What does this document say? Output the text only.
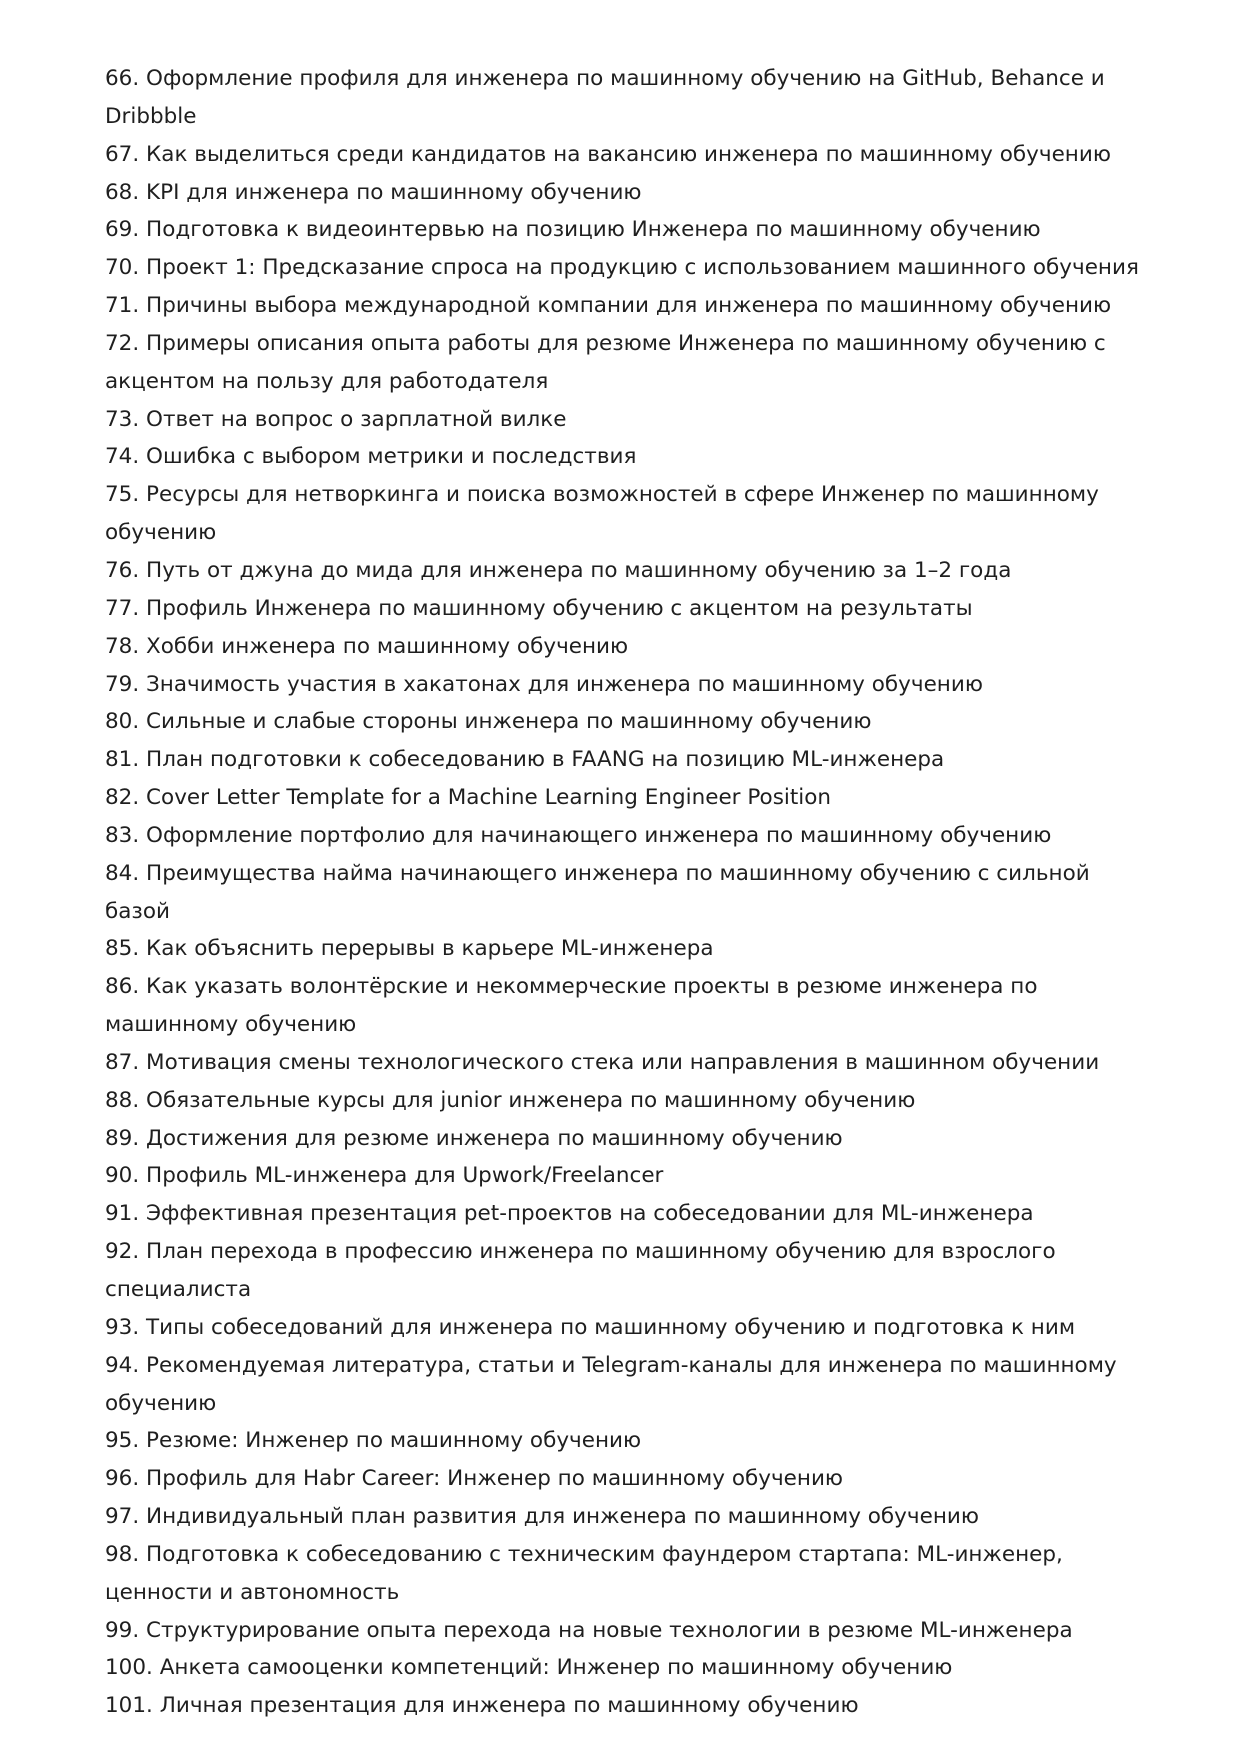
66. Оформление профиля для инженера по машинному обучению на GitHub, Behance и Dribbble
67. Как выделиться среди кандидатов на вакансию инженера по машинному обучению
68. KPI для инженера по машинному обучению
69. Подготовка к видеоинтервью на позицию Инженера по машинному обучению
70. Проект 1: Предсказание спроса на продукцию с использованием машинного обучения
71. Причины выбора международной компании для инженера по машинному обучению
72. Примеры описания опыта работы для резюме Инженера по машинному обучению с акцентом на пользу для работодателя
73. Ответ на вопрос о зарплатной вилке
74. Ошибка с выбором метрики и последствия
75. Ресурсы для нетворкинга и поиска возможностей в сфере Инженер по машинному обучению
76. Путь от джуна до мида для инженера по машинному обучению за 1–2 года
77. Профиль Инженера по машинному обучению с акцентом на результаты
78. Хобби инженера по машинному обучению
79. Значимость участия в хакатонах для инженера по машинному обучению
80. Сильные и слабые стороны инженера по машинному обучению
81. План подготовки к собеседованию в FAANG на позицию ML-инженера
82. Cover Letter Template for a Machine Learning Engineer Position
83. Оформление портфолио для начинающего инженера по машинному обучению
84. Преимущества найма начинающего инженера по машинному обучению с сильной базой
85. Как объяснить перерывы в карьере ML-инженера
86. Как указать волонтёрские и некоммерческие проекты в резюме инженера по машинному обучению
87. Мотивация смены технологического стека или направления в машинном обучении
88. Обязательные курсы для junior инженера по машинному обучению
89. Достижения для резюме инженера по машинному обучению
90. Профиль ML-инженера для Upwork/Freelancer
91. Эффективная презентация pet-проектов на собеседовании для ML-инженера
92. План перехода в профессию инженера по машинному обучению для взрослого специалиста
93. Типы собеседований для инженера по машинному обучению и подготовка к ним
94. Рекомендуемая литература, статьи и Telegram-каналы для инженера по машинному обучению
95. Резюме: Инженер по машинному обучению
96. Профиль для Habr Career: Инженер по машинному обучению
97. Индивидуальный план развития для инженера по машинному обучению
98. Подготовка к собеседованию с техническим фаундером стартапа: ML-инженер, ценности и автономность
99. Структурирование опыта перехода на новые технологии в резюме ML-инженера
100. Анкета самооценки компетенций: Инженер по машинному обучению
101. Личная презентация для инженера по машинному обучению
